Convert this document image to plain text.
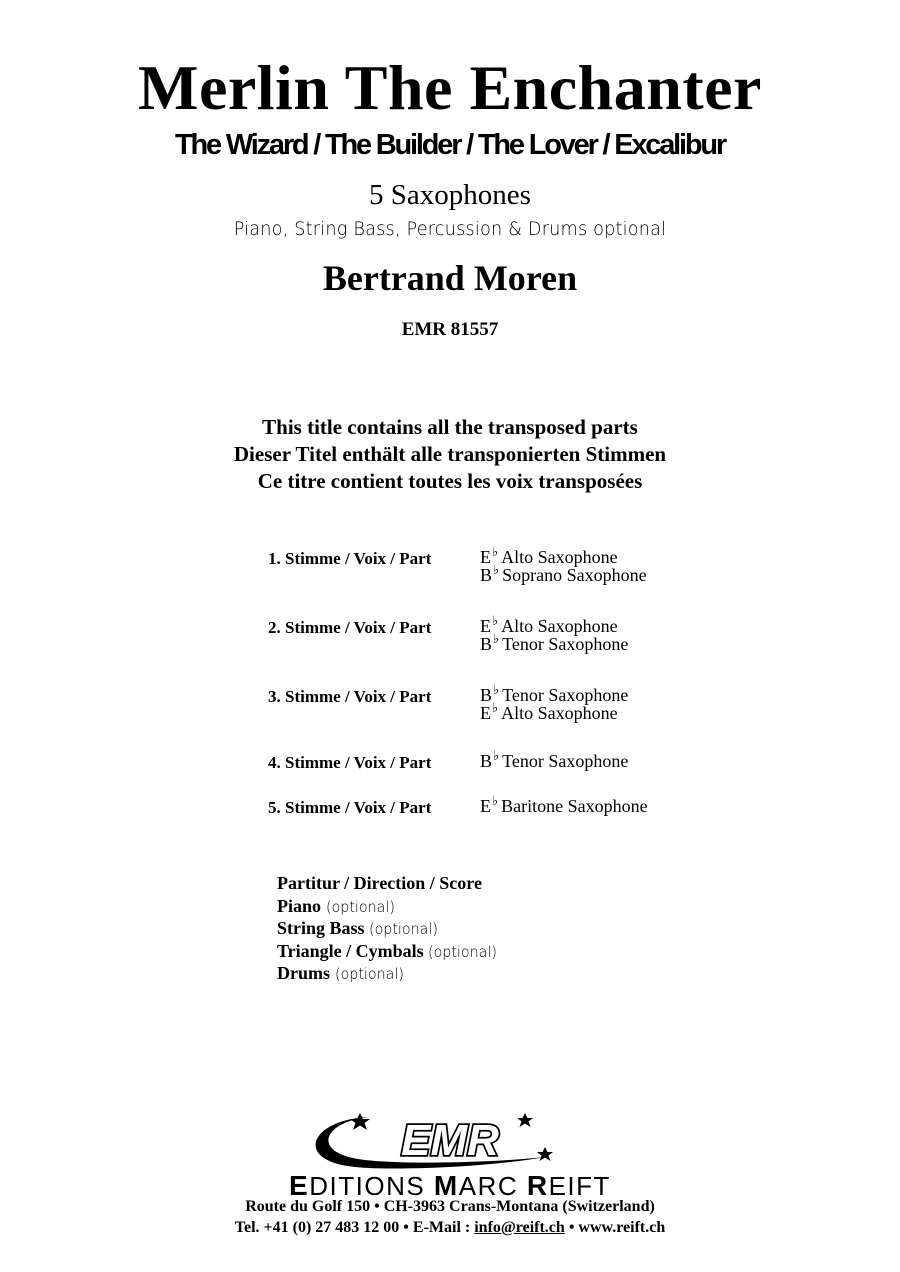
Merlin The Enchanter
The Wizard / The Builder / The Lover / Excalibur
5 Saxophones
Piano, String Bass, Percussion & Drums optional
Bertrand Moren
EMR 81557
This title contains all the transposed parts
Dieser Titel enthält alle transponierten Stimmen
Ce titre contient toutes les voix transposées
1. Stimme / Voix / Part	E♭ Alto Saxophone
B♭ Soprano Saxophone
2. Stimme / Voix / Part	E♭ Alto Saxophone
B♭ Tenor Saxophone
3. Stimme / Voix / Part	B♭ Tenor Saxophone
E♭ Alto Saxophone
4. Stimme / Voix / Part	B♭ Tenor Saxophone
5. Stimme / Voix / Part	E♭ Baritone Saxophone
Partitur / Direction / Score
Piano (optional)
String Bass (optional)
Triangle / Cymbals (optional)
Drums (optional)
EMR
EDITIONS MARC REIFT
Route du Golf 150 • CH-3963 Crans-Montana (Switzerland)
Tel. +41 (0) 27 483 12 00 • E-Mail : info@reift.ch • www.reift.ch
